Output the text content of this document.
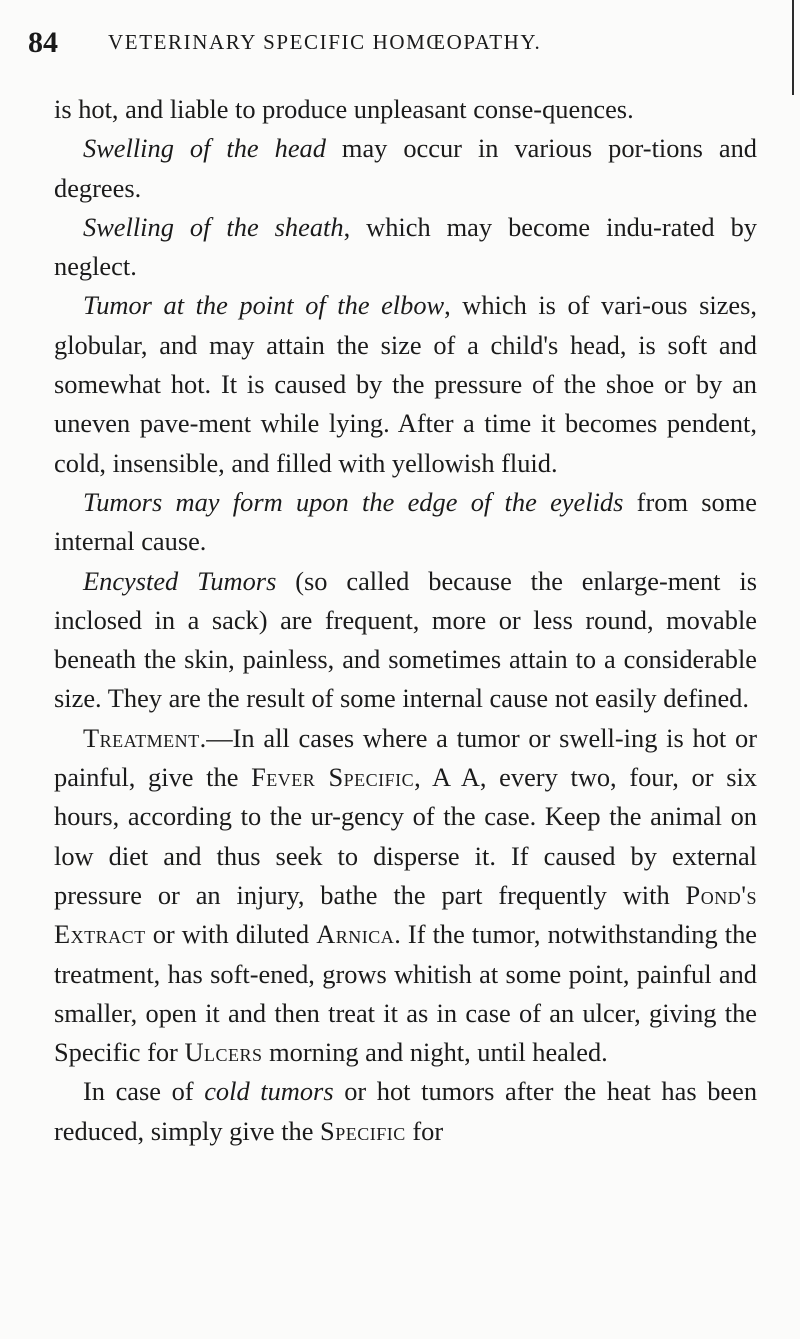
84 VETERINARY SPECIFIC HOMŒOPATHY.

is hot, and liable to produce unpleasant conse-quences.

Swelling of the head may occur in various por-tions and degrees.

Swelling of the sheath, which may become indu-rated by neglect.

Tumor at the point of the elbow, which is of vari-ous sizes, globular, and may attain the size of a child's head, is soft and somewhat hot. It is caused by the pressure of the shoe or by an uneven pave-ment while lying. After a time it becomes pendent, cold, insensible, and filled with yellowish fluid.

Tumors may form upon the edge of the eyelids from some internal cause.

Encysted Tumors (so called because the enlarge-ment is inclosed in a sack) are frequent, more or less round, movable beneath the skin, painless, and sometimes attain to a considerable size. They are the result of some internal cause not easily defined.

Treatment.—In all cases where a tumor or swell-ing is hot or painful, give the Fever Specific, A A, every two, four, or six hours, according to the ur-gency of the case. Keep the animal on low diet and thus seek to disperse it. If caused by external pressure or an injury, bathe the part frequently with Pond's Extract or with diluted Arnica. If the tumor, notwithstanding the treatment, has soft-ened, grows whitish at some point, painful and smaller, open it and then treat it as in case of an ulcer, giving the Specific for Ulcers morning and night, until healed.

In case of cold tumors or hot tumors after the heat has been reduced, simply give the Specific for
